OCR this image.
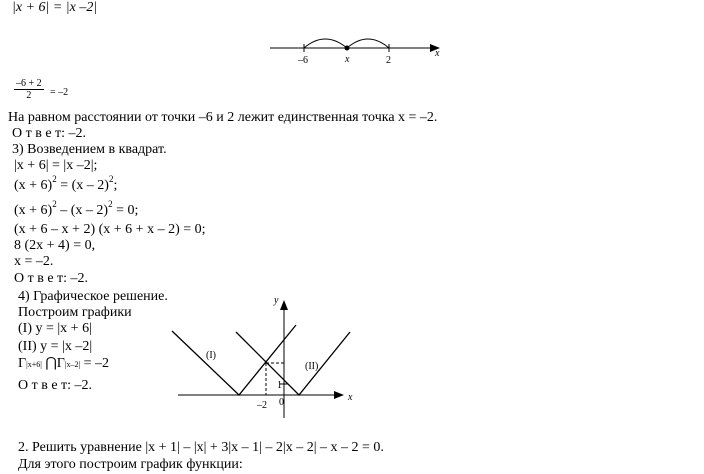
|x + 6| = |x –2|
–6	x	2
x
$\frac{-6 + 2}{2} = -2$
На равном расстоянии от точки –6 и 2 лежит единственная точка x = –2.
О т в е т: –2.
3) Возведением в квадрат.
|x + 6| = |x –2|;
$(x + 6)^2 = (x - 2)^2$;
$(x + 6)^2 - (x - 2)^2 = 0$;
(x + 6 – x + 2) (x + 6 + x – 2) = 0;
8 (2x + 4) = 0,
x = –2.
О т в е т: –2.
4) Графическое решение.
Построим графики
(I) y = |x + 6|
(II) y = |x –2|
Γ|x+6| ⋂Γ|x–2| = –2
О т в е т: –2.
y
x
(I)
(II)
1
0
–2
2. Решить уравнение |x + 1| – |x| + 3|x – 1| – 2|x – 2| – x – 2 = 0.
Для этого построим график функции:
